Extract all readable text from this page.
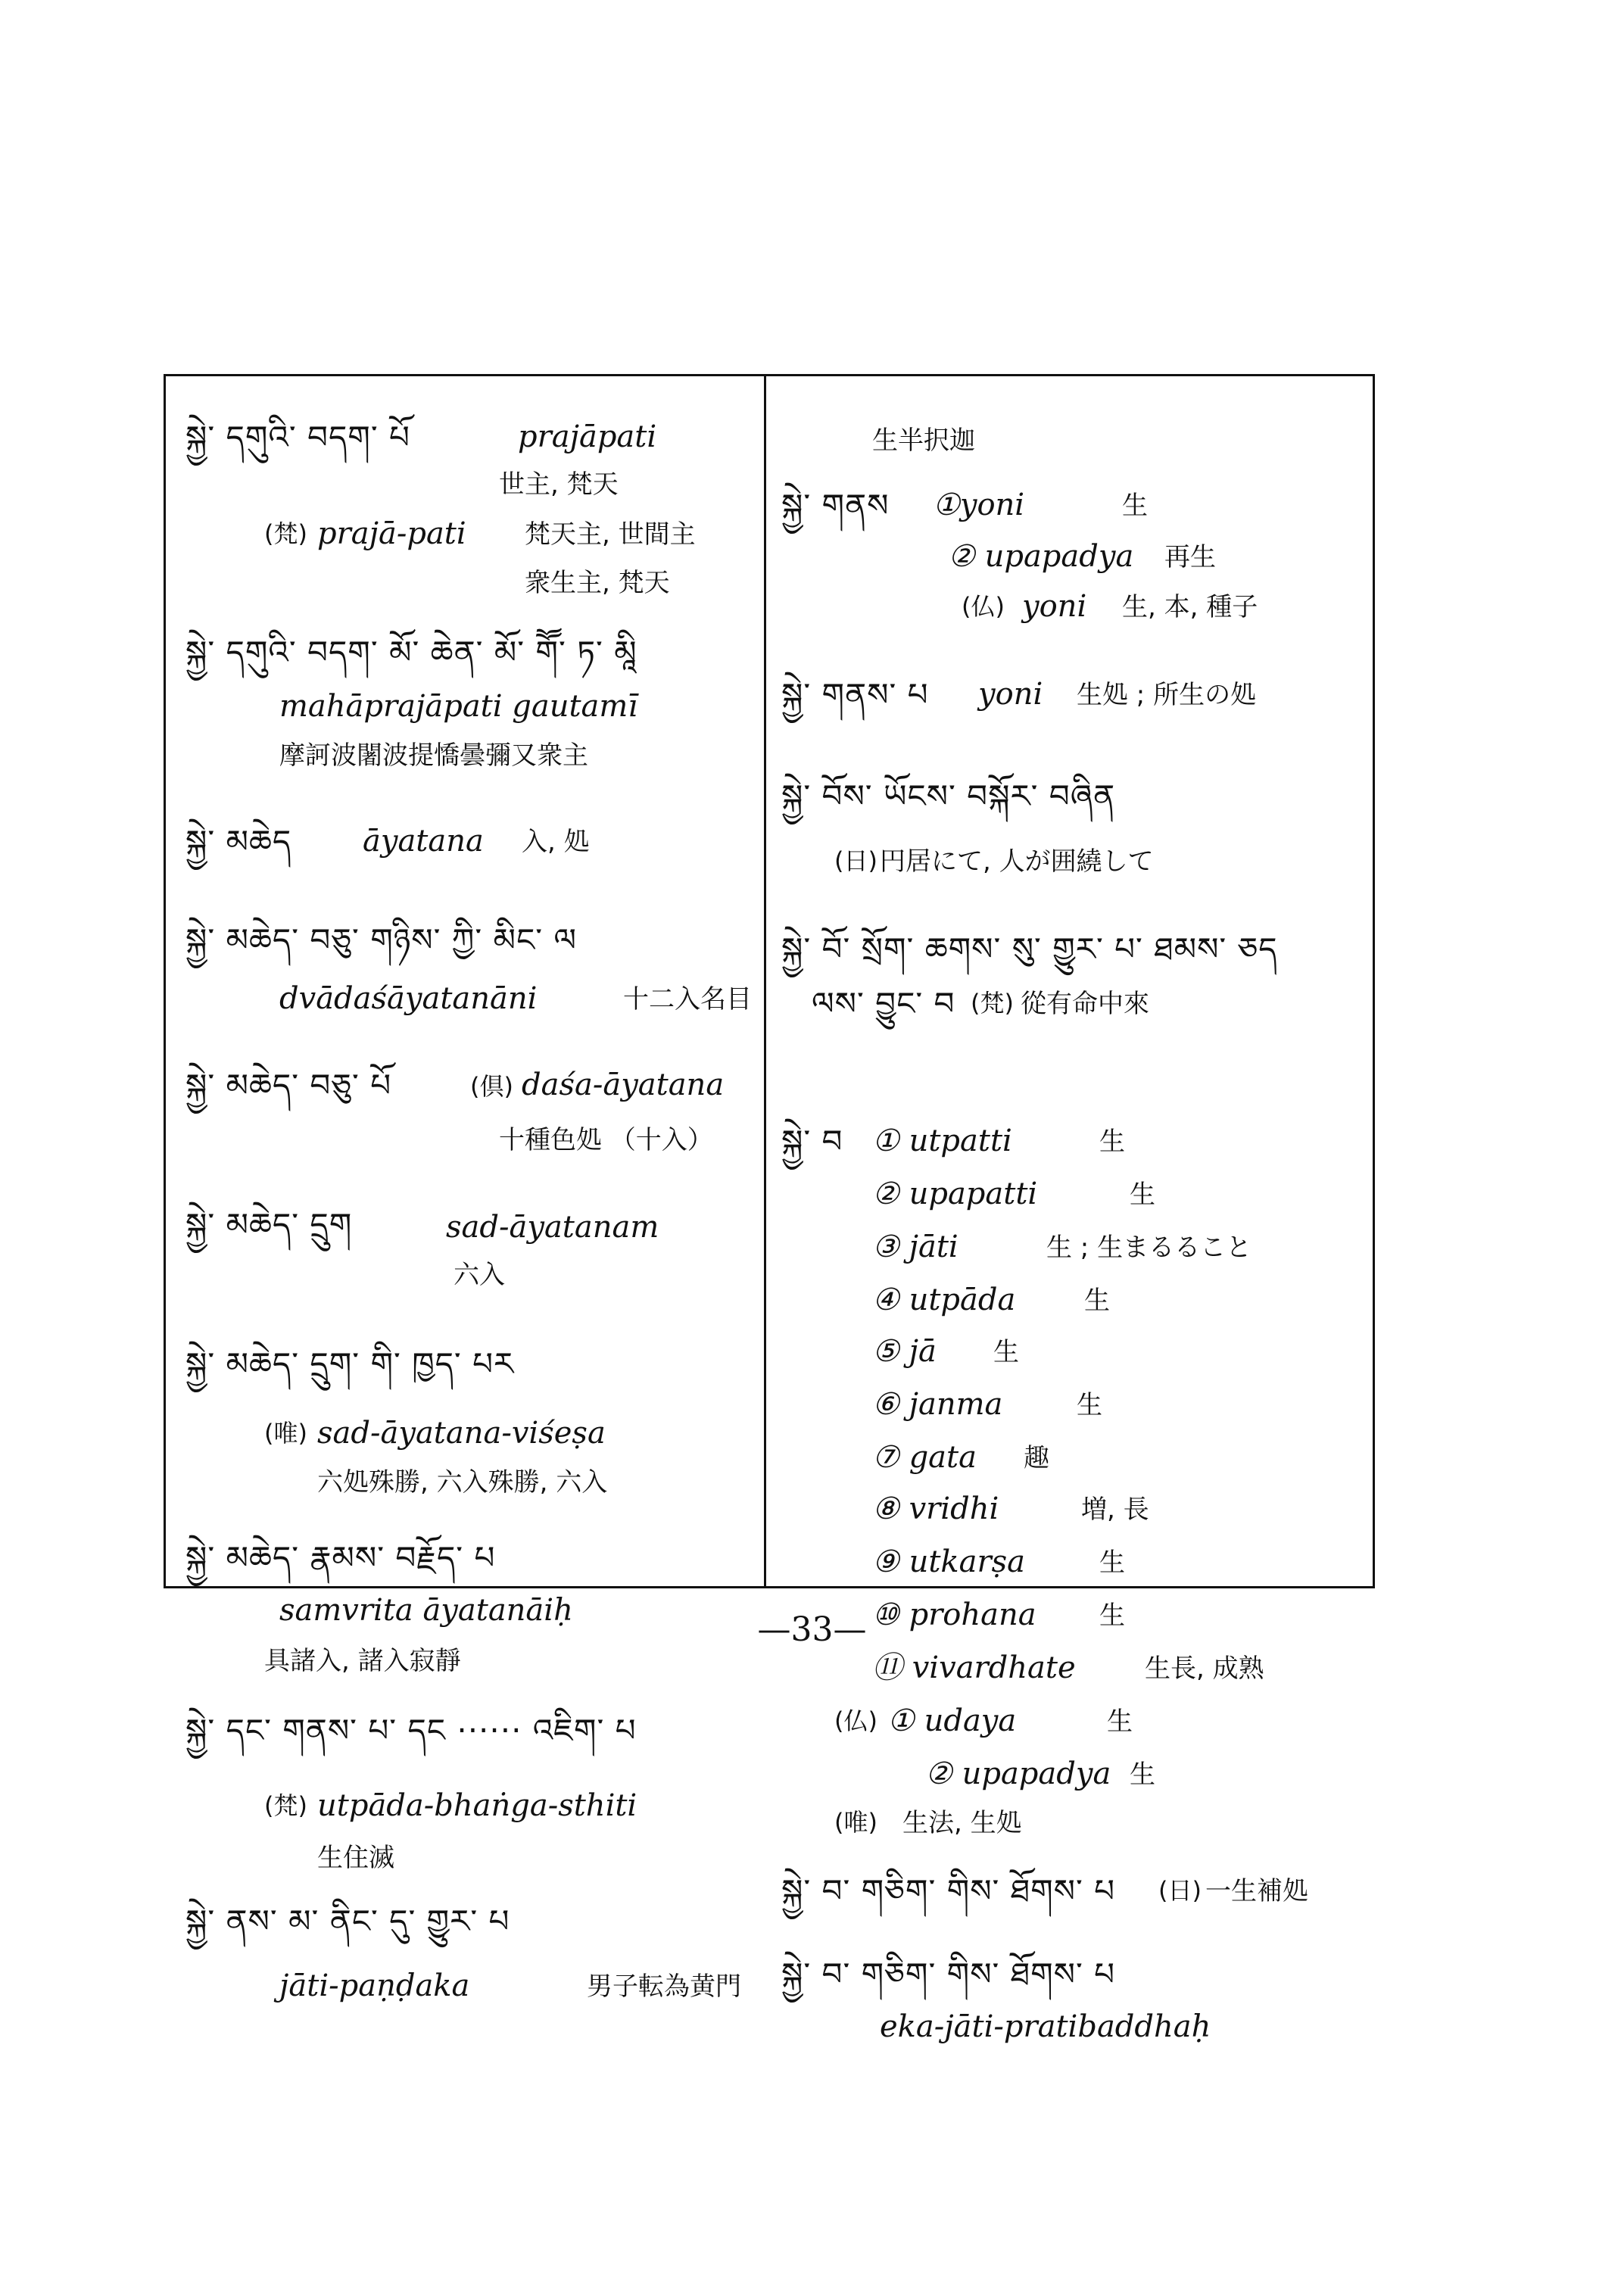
སྐྱེ་ དགུའི་ བདག་ པོ	prajāpati
世主, 梵天
(梵) prajā-pati 梵天主, 世間主
衆生主, 梵天
སྐྱེ་ དགུའི་ བདག་ མོ་ ཆེན་ མོ་ གཽ་ ཏ་ མཱི
mahāprajāpati gautamī
摩訶波闍波提憍曇彌又衆主
སྐྱེ་ མཆེད āyatana 入, 処
སྐྱེ་ མཆེད་ བཅུ་ གཉིས་ ཀྱི་ མིང་ ལ
dvādaśāyatanāni	十二入名目
སྐྱེ་ མཆེད་ བཅུ་ པོ	(倶) daśa-āyatana
十種色処 （十入）
སྐྱེ་ མཆེད་ དྲུག	sad-āyatanam
六入
སྐྱེ་ མཆེད་ དྲུག་ གི་ ཁྱད་ པར
(唯) sad-āyatana-viśeṣa
六処殊勝, 六入殊勝, 六入
སྐྱེ་ མཆེད་ རྣམས་ བརྗོད་ པ
samvrita āyatanāiḥ
具諸入, 諸入寂靜
སྐྱེ་ དང་ གནས་ པ་ དང ······ འཇིག་ པ
(梵) utpāda-bhaṅga-sthiti
生住滅
སྐྱེ་ ནས་ མ་ ནིང་ དུ་ གྱུར་ པ
jāti-paṇḍaka	男子転為黄門
生半択迦
སྐྱེ་ གནས ①yoni	生
② upapadya 再生
(仏) yoni 生, 本, 種子
སྐྱེ་ གནས་ པ yoni 生処 ; 所生の処
སྐྱེ་ བོས་ ཡོངས་ བསྐོར་ བཞིན
(日) 円居にて, 人が囲繞して
སྐྱེ་ བོ་ སྲོག་ ཆགས་ སུ་ གྱུར་ པ་ ཐམས་ ཅད
ལས་ བྱུང་ བ (梵) 從有命中來
སྐྱེ་ བ ① utpatti	生
② upapatti	生
③ jāti	生 ; 生まるること
④ utpāda	生
⑤ jā 生
⑥ janma	生
⑦ gata 趣
⑧ vridhi	増, 長
⑨ utkarṣa	生
⑩ prohana 生
⑪ vivardhate	生長, 成熟
(仏) ① udaya	生
② upapadya 生
(唯) 生法, 生処
སྐྱེ་ བ་ གཅིག་ གིས་ ཐོགས་ པ (日) 一生補処
སྐྱེ་ བ་ གཅིག་ གིས་ ཐོགས་ པ
eka-jāti-pratibaddhaḥ
—33—
